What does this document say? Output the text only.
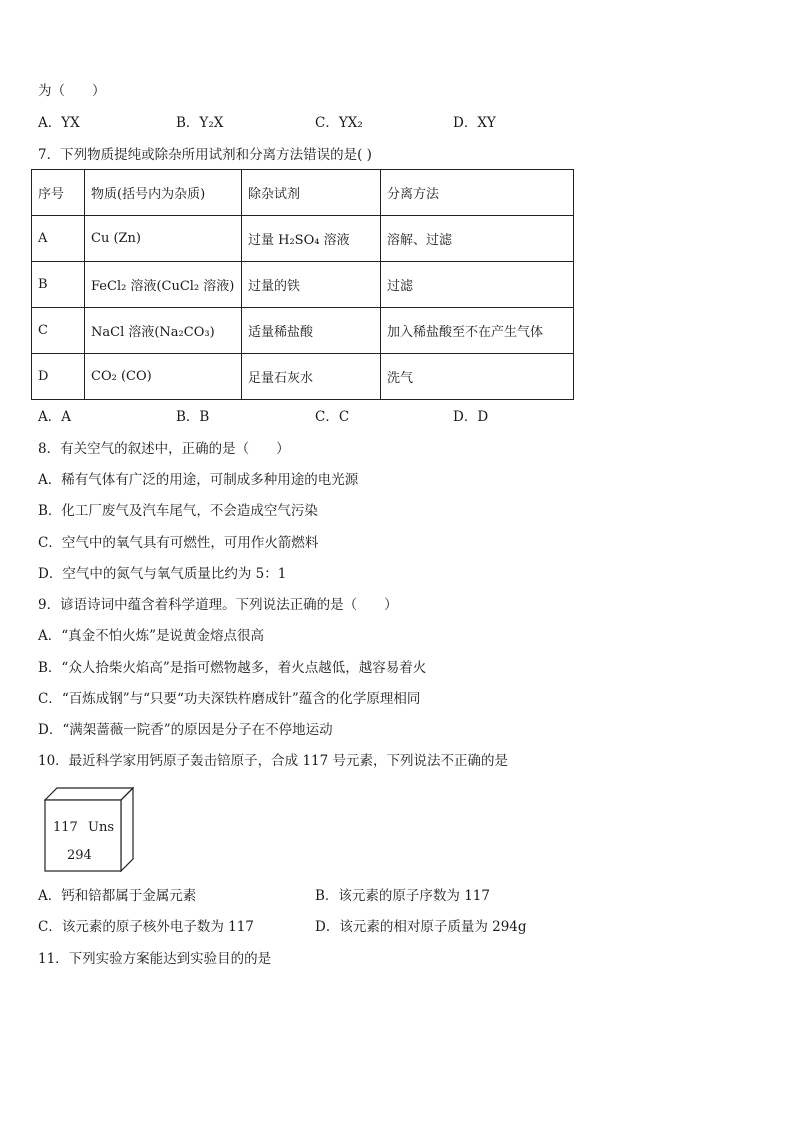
为（　　）
A．YX	B．Y₂X	C．YX₂	D．XY
7．下列物质提纯或除杂所用试剂和分离方法错误的是( )
序号	物质(括号内为杂质)	除杂试剂	分离方法
A	Cu (Zn)	过量 H₂SO₄ 溶液	溶解、过滤
B	FeCl₂ 溶液(CuCl₂ 溶液)	过量的铁	过滤
C	NaCl 溶液(Na₂CO₃)	适量稀盐酸	加入稀盐酸至不在产生气体
D	CO₂ (CO)	足量石灰水	洗气
A．A	B．B	C．C	D．D
8．有关空气的叙述中，正确的是（　　）
A．稀有气体有广泛的用途，可制成多种用途的电光源
B．化工厂废气及汽车尾气，不会造成空气污染
C．空气中的氧气具有可燃性，可用作火箭燃料
D．空气中的氮气与氧气质量比约为 5：1
9．谚语诗词中蕴含着科学道理。下列说法正确的是（　　）
A．“真金不怕火炼”是说黄金熔点很高
B．“众人拾柴火焰高”是指可燃物越多，着火点越低，越容易着火
C．“百炼成钢”与“只要“功夫深铁杵磨成针”蕴含的化学原理相同
D．“满架蔷薇一院香”的原因是分子在不停地运动
10．最近科学家用钙原子轰击锫原子，合成 117 号元素，下列说法不正确的是
117 Uns
294
A．钙和锫都属于金属元素	B．该元素的原子序数为 117
C．该元素的原子核外电子数为 117	D．该元素的相对原子质量为 294g
11．下列实验方案能达到实验目的的是
